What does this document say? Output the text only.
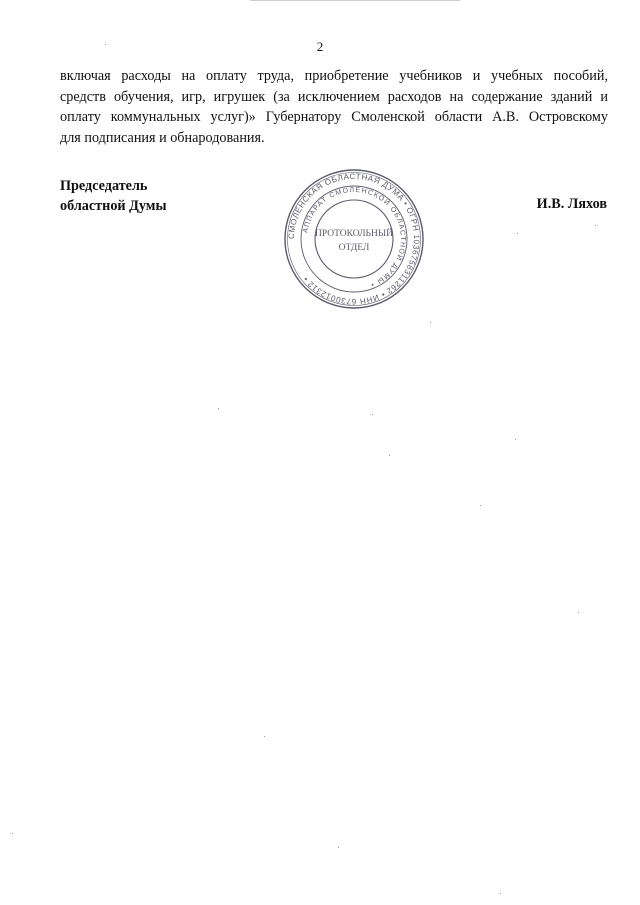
2
включая расходы на оплату труда, приобретение учебников и учебных пособий,
средств обучения, игр, игрушек (за исключением расходов на содержание зданий и
оплату коммунальных услуг)» Губернатору Смоленской области А.В. Островскому
для подписания и обнародования.
Председатель
областной Думы	И.В. Ляхов
СМОЛЕНСКАЯ ОБЛАСТНАЯ ДУМА • ОГРН 1036758311262 • ИНН 6730012312 •
АППАРАТ СМОЛЕНСКОЙ ОБЛАСТНОЙ ДУМЫ •
ПРОТОКОЛЬНЫЙ
ОТДЕЛ
